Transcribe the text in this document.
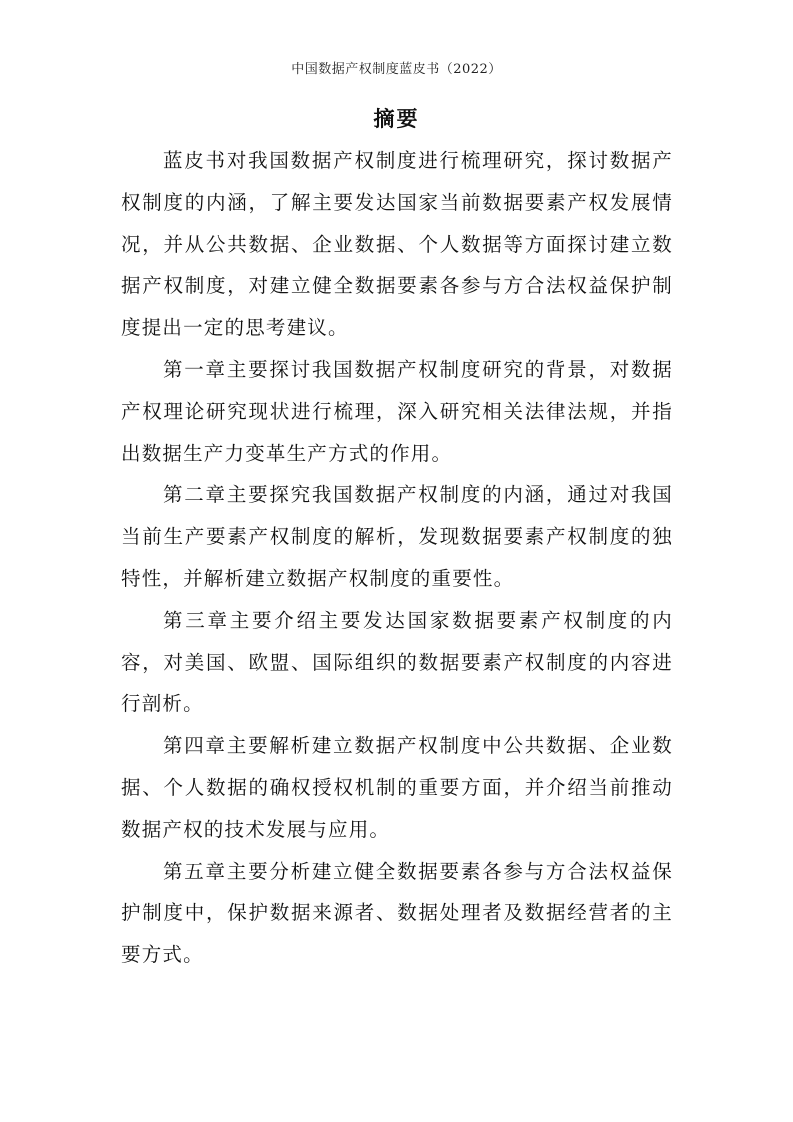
中国数据产权制度蓝皮书（2022）
摘要

蓝皮书对我国数据产权制度进行梳理研究，探讨数据产权制度的内涵，了解主要发达国家当前数据要素产权发展情况，并从公共数据、企业数据、个人数据等方面探讨建立数据产权制度，对建立健全数据要素各参与方合法权益保护制度提出一定的思考建议。

第一章主要探讨我国数据产权制度研究的背景，对数据产权理论研究现状进行梳理，深入研究相关法律法规，并指出数据生产力变革生产方式的作用。

第二章主要探究我国数据产权制度的内涵，通过对我国当前生产要素产权制度的解析，发现数据要素产权制度的独特性，并解析建立数据产权制度的重要性。

第三章主要介绍主要发达国家数据要素产权制度的内容，对美国、欧盟、国际组织的数据要素产权制度的内容进行剖析。

第四章主要解析建立数据产权制度中公共数据、企业数据、个人数据的确权授权机制的重要方面，并介绍当前推动数据产权的技术发展与应用。

第五章主要分析建立健全数据要素各参与方合法权益保护制度中，保护数据来源者、数据处理者及数据经营者的主要方式。
